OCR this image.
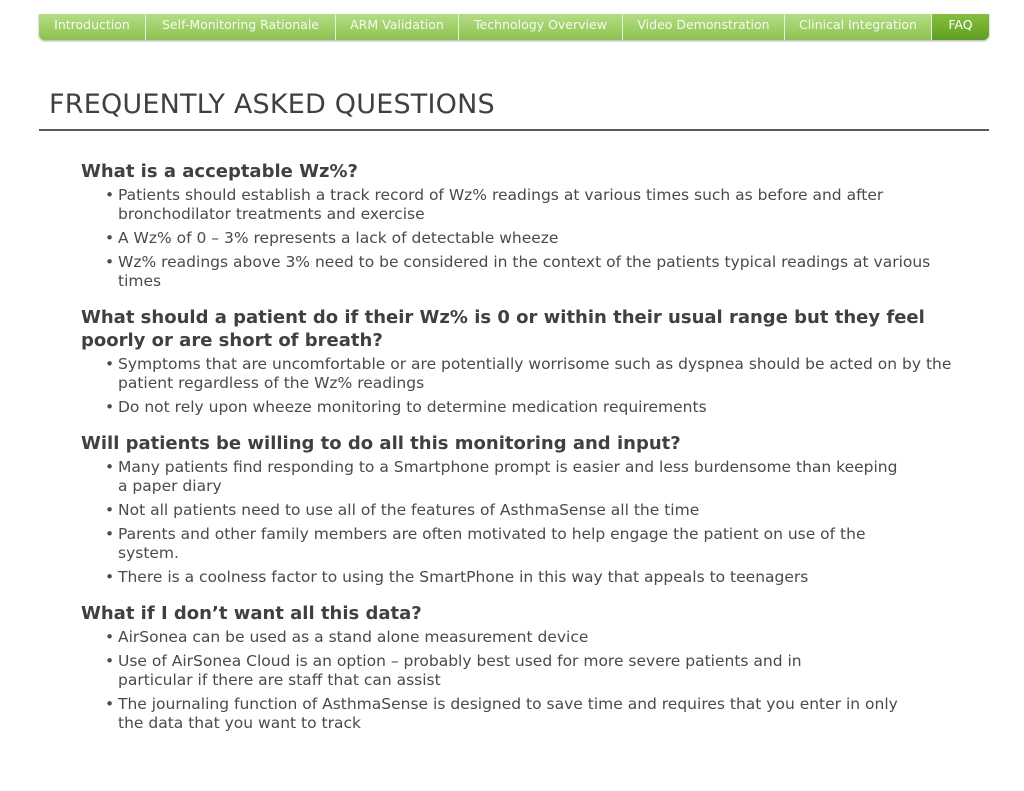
Introduction	Self-Monitoring Rationale ARM Validation Technology Overview Video Demonstration Clinical Integration	FAQ
FREQUENTLY ASKED QUESTIONS

What is a acceptable Wz%?

• Patients should establish a track record of Wz% readings at various times such as before and after bronchodilator treatments and exercise
• A Wz% of 0 – 3% represents a lack of detectable wheeze
• Wz% readings above 3% need to be considered in the context of the patients typical readings at various times

What should a patient do if their Wz% is 0 or within their usual range but they feel poorly or are short of breath?

• Symptoms that are uncomfortable or are potentially worrisome such as dyspnea should be acted on by the patient regardless of the Wz% readings
• Do not rely upon wheeze monitoring to determine medication requirements

Will patients be willing to do all this monitoring and input?

• Many patients find responding to a Smartphone prompt is easier and less burdensome than keeping a paper diary
• Not all patients need to use all of the features of AsthmaSense all the time
• Parents and other family members are often motivated to help engage the patient on use of the system.
• There is a coolness factor to using the SmartPhone in this way that appeals to teenagers

What if I don’t want all this data?

• AirSonea can be used as a stand alone measurement device
• Use of AirSonea Cloud is an option – probably best used for more severe patients and in particular if there are staff that can assist
• The journaling function of AsthmaSense is designed to save time and requires that you enter in only the data that you want to track
